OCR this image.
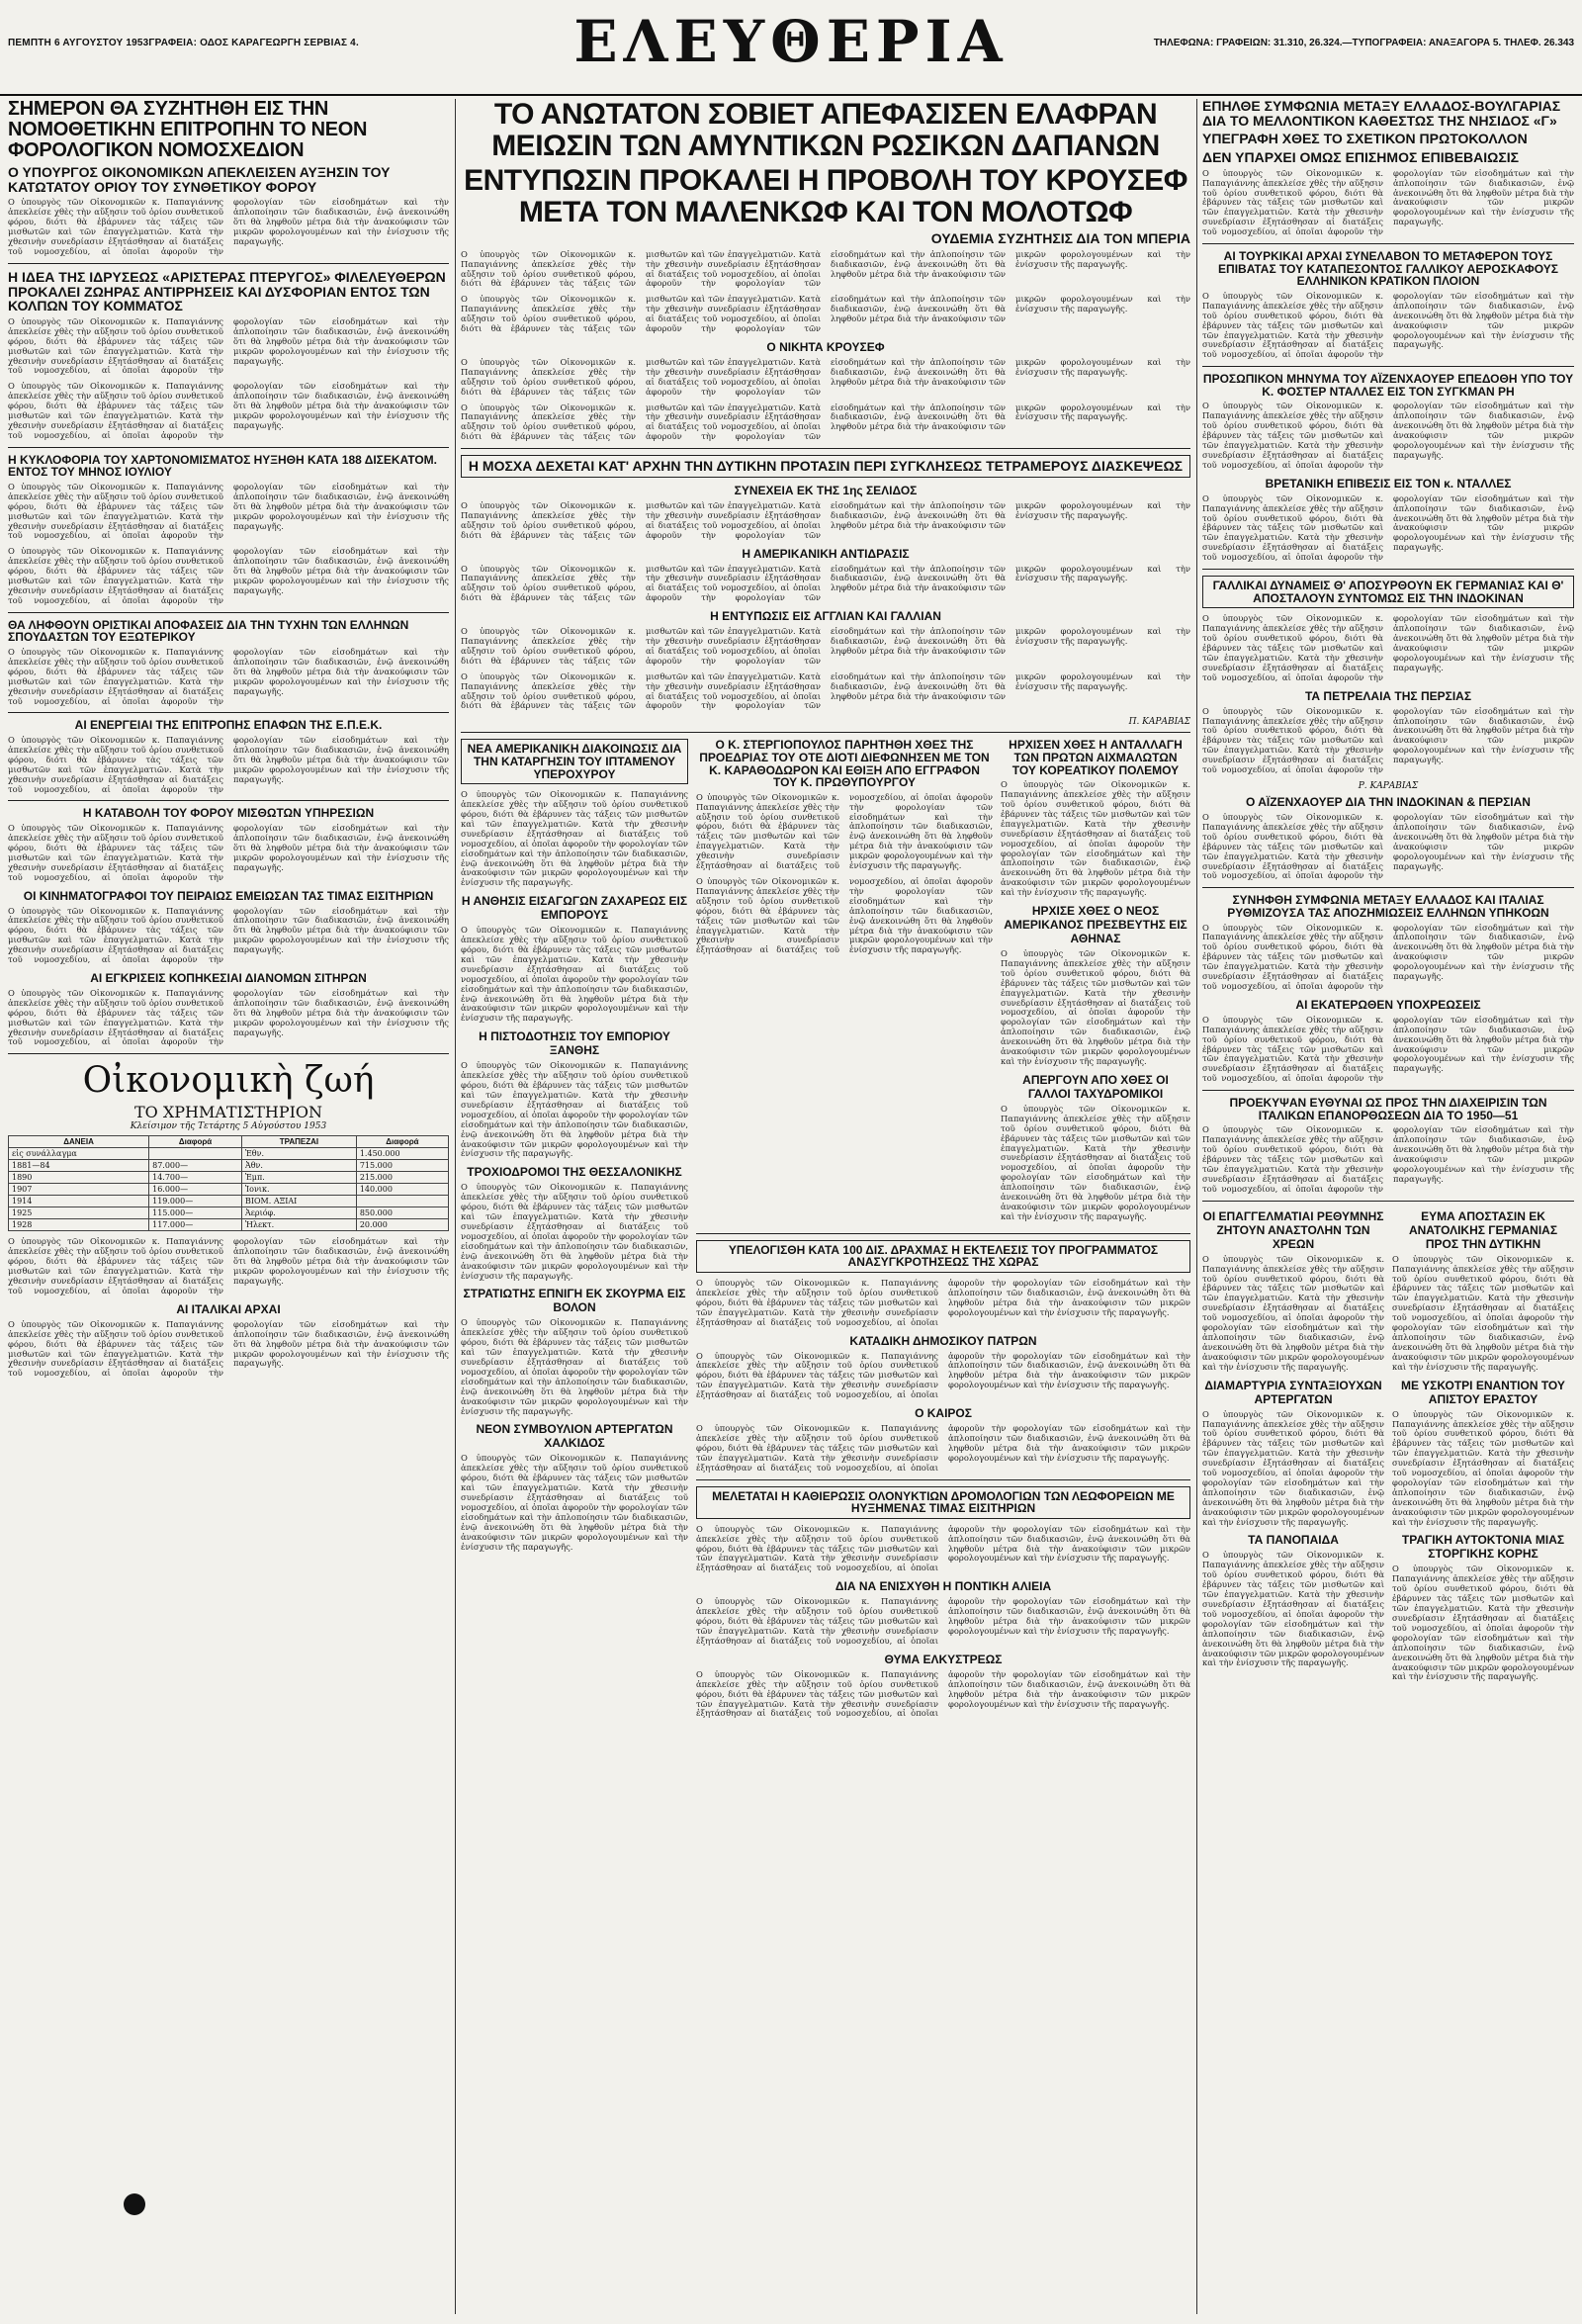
ΠΕΜΠΤΗ 6 ΑΥΓΟΥΣΤΟΥ 1953ΓΡΑΦΕΙΑ: ΟΔΟΣ ΚΑΡΑΓΕΩΡΓΗ ΣΕΡΒΙΑΣ 4.	ΕΛΕΥΘΕΡΙΑ	ΤΗΛΕΦΩΝΑ: ΓΡΑΦΕΙΩΝ: 31.310, 26.324.—ΤΥΠΟΓΡΑΦΕΙΑ: ΑΝΑΞΑΓΟΡΑ 5. ΤΗΛΕΦ. 26.343
ΣΗΜΕΡΟΝ ΘΑ ΣΥΖΗΤΗΘΗ ΕΙΣ ΤΗΝ ΝΟΜΟΘΕΤΙΚΗΝ ΕΠΙΤΡΟΠΗΝ ΤΟ ΝΕΟΝ ΦΟΡΟΛΟΓΙΚΟΝ ΝΟΜΟΣΧΕΔΙΟΝ
Ο ΥΠΟΥΡΓΟΣ ΟΙΚΟΝΟΜΙΚΩΝ ΑΠΕΚΛΕΙΣΕΝ ΑΥΞΗΣΙΝ ΤΟΥ ΚΑΤΩΤΑΤΟΥ ΟΡΙΟΥ ΤΟΥ ΣΥΝΘΕΤΙΚΟΥ ΦΟΡΟΥ
Ο ὑπουργὸς τῶν Οἰκονομικῶν κ. Παπαγιάννης ἀπεκλείσε χθὲς τὴν αὔξησιν τοῦ ὀρίου συνθετικοῦ φόρου, διότι θὰ ἐβάρυνεν τὰς τάξεις τῶν μισθωτῶν καὶ τῶν ἐπαγγελματιῶν. Κατὰ τὴν χθεσινὴν συνεδρίασιν ἐξητάσθησαν αἱ διατάξεις τοῦ νομοσχεδίου, αἱ ὁποῖαι ἀφοροῦν τὴν φορολογίαν τῶν εἰσοδημάτων καὶ τὴν ἀπλοποίησιν τῶν διαδικασιῶν, ἐνῷ ἀνεκοινώθη ὅτι θὰ ληφθοῦν μέτρα διὰ τὴν ἀνακούφισιν τῶν μικρῶν φορολογουμένων καὶ τὴν ἐνίσχυσιν τῆς παραγωγῆς.
Η ΙΔΕΑ ΤΗΣ ΙΔΡΥΣΕΩΣ «ΑΡΙΣΤΕΡΑΣ ΠΤΕΡΥΓΟΣ» ΦΙΛΕΛΕΥΘΕΡΩΝ ΠΡΟΚΑΛΕΙ ΖΩΗΡΑΣ ΑΝΤΙΡΡΗΣΕΙΣ ΚΑΙ ΔΥΣΦΟΡΙΑΝ ΕΝΤΟΣ ΤΩΝ ΚΟΛΠΩΝ ΤΟΥ ΚΟΜΜΑΤΟΣ
Ο ὑπουργὸς τῶν Οἰκονομικῶν κ. Παπαγιάννης ἀπεκλείσε χθὲς τὴν αὔξησιν τοῦ ὀρίου συνθετικοῦ φόρου, διότι θὰ ἐβάρυνεν τὰς τάξεις τῶν μισθωτῶν καὶ τῶν ἐπαγγελματιῶν. Κατὰ τὴν χθεσινὴν συνεδρίασιν ἐξητάσθησαν αἱ διατάξεις τοῦ νομοσχεδίου, αἱ ὁποῖαι ἀφοροῦν τὴν φορολογίαν τῶν εἰσοδημάτων καὶ τὴν ἀπλοποίησιν τῶν διαδικασιῶν, ἐνῷ ἀνεκοινώθη ὅτι θὰ ληφθοῦν μέτρα διὰ τὴν ἀνακούφισιν τῶν μικρῶν φορολογουμένων καὶ τὴν ἐνίσχυσιν τῆς παραγωγῆς.
Ο ὑπουργὸς τῶν Οἰκονομικῶν κ. Παπαγιάννης ἀπεκλείσε χθὲς τὴν αὔξησιν τοῦ ὀρίου συνθετικοῦ φόρου, διότι θὰ ἐβάρυνεν τὰς τάξεις τῶν μισθωτῶν καὶ τῶν ἐπαγγελματιῶν. Κατὰ τὴν χθεσινὴν συνεδρίασιν ἐξητάσθησαν αἱ διατάξεις τοῦ νομοσχεδίου, αἱ ὁποῖαι ἀφοροῦν τὴν φορολογίαν τῶν εἰσοδημάτων καὶ τὴν ἀπλοποίησιν τῶν διαδικασιῶν, ἐνῷ ἀνεκοινώθη ὅτι θὰ ληφθοῦν μέτρα διὰ τὴν ἀνακούφισιν τῶν μικρῶν φορολογουμένων καὶ τὴν ἐνίσχυσιν τῆς παραγωγῆς.
Η ΚΥΚΛΟΦΟΡΙΑ ΤΟΥ ΧΑΡΤΟΝΟΜΙΣΜΑΤΟΣ ΗΥΞΗΘΗ ΚΑΤΑ 188 ΔΙΣΕΚΑΤΟΜ. ΕΝΤΟΣ ΤΟΥ ΜΗΝΟΣ ΙΟΥΛΙΟΥ
Ο ὑπουργὸς τῶν Οἰκονομικῶν κ. Παπαγιάννης ἀπεκλείσε χθὲς τὴν αὔξησιν τοῦ ὀρίου συνθετικοῦ φόρου, διότι θὰ ἐβάρυνεν τὰς τάξεις τῶν μισθωτῶν καὶ τῶν ἐπαγγελματιῶν. Κατὰ τὴν χθεσινὴν συνεδρίασιν ἐξητάσθησαν αἱ διατάξεις τοῦ νομοσχεδίου, αἱ ὁποῖαι ἀφοροῦν τὴν φορολογίαν τῶν εἰσοδημάτων καὶ τὴν ἀπλοποίησιν τῶν διαδικασιῶν, ἐνῷ ἀνεκοινώθη ὅτι θὰ ληφθοῦν μέτρα διὰ τὴν ἀνακούφισιν τῶν μικρῶν φορολογουμένων καὶ τὴν ἐνίσχυσιν τῆς παραγωγῆς.
Ο ὑπουργὸς τῶν Οἰκονομικῶν κ. Παπαγιάννης ἀπεκλείσε χθὲς τὴν αὔξησιν τοῦ ὀρίου συνθετικοῦ φόρου, διότι θὰ ἐβάρυνεν τὰς τάξεις τῶν μισθωτῶν καὶ τῶν ἐπαγγελματιῶν. Κατὰ τὴν χθεσινὴν συνεδρίασιν ἐξητάσθησαν αἱ διατάξεις τοῦ νομοσχεδίου, αἱ ὁποῖαι ἀφοροῦν τὴν φορολογίαν τῶν εἰσοδημάτων καὶ τὴν ἀπλοποίησιν τῶν διαδικασιῶν, ἐνῷ ἀνεκοινώθη ὅτι θὰ ληφθοῦν μέτρα διὰ τὴν ἀνακούφισιν τῶν μικρῶν φορολογουμένων καὶ τὴν ἐνίσχυσιν τῆς παραγωγῆς.
ΘΑ ΛΗΦΘΟΥΝ ΟΡΙΣΤΙΚΑΙ ΑΠΟΦΑΣΕΙΣ ΔΙΑ ΤΗΝ ΤΥΧΗΝ ΤΩΝ ΕΛΛΗΝΩΝ ΣΠΟΥΔΑΣΤΩΝ ΤΟΥ ΕΞΩΤΕΡΙΚΟΥ
Ο ὑπουργὸς τῶν Οἰκονομικῶν κ. Παπαγιάννης ἀπεκλείσε χθὲς τὴν αὔξησιν τοῦ ὀρίου συνθετικοῦ φόρου, διότι θὰ ἐβάρυνεν τὰς τάξεις τῶν μισθωτῶν καὶ τῶν ἐπαγγελματιῶν. Κατὰ τὴν χθεσινὴν συνεδρίασιν ἐξητάσθησαν αἱ διατάξεις τοῦ νομοσχεδίου, αἱ ὁποῖαι ἀφοροῦν τὴν φορολογίαν τῶν εἰσοδημάτων καὶ τὴν ἀπλοποίησιν τῶν διαδικασιῶν, ἐνῷ ἀνεκοινώθη ὅτι θὰ ληφθοῦν μέτρα διὰ τὴν ἀνακούφισιν τῶν μικρῶν φορολογουμένων καὶ τὴν ἐνίσχυσιν τῆς παραγωγῆς.
ΑΙ ΕΝΕΡΓΕΙΑΙ ΤΗΣ ΕΠΙΤΡΟΠΗΣ ΕΠΑΦΩΝ ΤΗΣ Ε.Π.Ε.Κ.
Ο ὑπουργὸς τῶν Οἰκονομικῶν κ. Παπαγιάννης ἀπεκλείσε χθὲς τὴν αὔξησιν τοῦ ὀρίου συνθετικοῦ φόρου, διότι θὰ ἐβάρυνεν τὰς τάξεις τῶν μισθωτῶν καὶ τῶν ἐπαγγελματιῶν. Κατὰ τὴν χθεσινὴν συνεδρίασιν ἐξητάσθησαν αἱ διατάξεις τοῦ νομοσχεδίου, αἱ ὁποῖαι ἀφοροῦν τὴν φορολογίαν τῶν εἰσοδημάτων καὶ τὴν ἀπλοποίησιν τῶν διαδικασιῶν, ἐνῷ ἀνεκοινώθη ὅτι θὰ ληφθοῦν μέτρα διὰ τὴν ἀνακούφισιν τῶν μικρῶν φορολογουμένων καὶ τὴν ἐνίσχυσιν τῆς παραγωγῆς.
Η ΚΑΤΑΒΟΛΗ ΤΟΥ ΦΟΡΟΥ ΜΙΣΘΩΤΩΝ ΥΠΗΡΕΣΙΩΝ
Ο ὑπουργὸς τῶν Οἰκονομικῶν κ. Παπαγιάννης ἀπεκλείσε χθὲς τὴν αὔξησιν τοῦ ὀρίου συνθετικοῦ φόρου, διότι θὰ ἐβάρυνεν τὰς τάξεις τῶν μισθωτῶν καὶ τῶν ἐπαγγελματιῶν. Κατὰ τὴν χθεσινὴν συνεδρίασιν ἐξητάσθησαν αἱ διατάξεις τοῦ νομοσχεδίου, αἱ ὁποῖαι ἀφοροῦν τὴν φορολογίαν τῶν εἰσοδημάτων καὶ τὴν ἀπλοποίησιν τῶν διαδικασιῶν, ἐνῷ ἀνεκοινώθη ὅτι θὰ ληφθοῦν μέτρα διὰ τὴν ἀνακούφισιν τῶν μικρῶν φορολογουμένων καὶ τὴν ἐνίσχυσιν τῆς παραγωγῆς.
ΟΙ ΚΙΝΗΜΑΤΟΓΡΑΦΟΙ ΤΟΥ ΠΕΙΡΑΙΩΣ ΕΜΕΙΩΣΑΝ ΤΑΣ ΤΙΜΑΣ ΕΙΣΙΤΗΡΙΩΝ
Ο ὑπουργὸς τῶν Οἰκονομικῶν κ. Παπαγιάννης ἀπεκλείσε χθὲς τὴν αὔξησιν τοῦ ὀρίου συνθετικοῦ φόρου, διότι θὰ ἐβάρυνεν τὰς τάξεις τῶν μισθωτῶν καὶ τῶν ἐπαγγελματιῶν. Κατὰ τὴν χθεσινὴν συνεδρίασιν ἐξητάσθησαν αἱ διατάξεις τοῦ νομοσχεδίου, αἱ ὁποῖαι ἀφοροῦν τὴν φορολογίαν τῶν εἰσοδημάτων καὶ τὴν ἀπλοποίησιν τῶν διαδικασιῶν, ἐνῷ ἀνεκοινώθη ὅτι θὰ ληφθοῦν μέτρα διὰ τὴν ἀνακούφισιν τῶν μικρῶν φορολογουμένων καὶ τὴν ἐνίσχυσιν τῆς παραγωγῆς.
ΑΙ ΕΓΚΡΙΣΕΙΣ ΚΟΠΗΚΕΣΙΑΙ ΔΙΑΝΟΜΩΝ ΣΙΤΗΡΩΝ
Ο ὑπουργὸς τῶν Οἰκονομικῶν κ. Παπαγιάννης ἀπεκλείσε χθὲς τὴν αὔξησιν τοῦ ὀρίου συνθετικοῦ φόρου, διότι θὰ ἐβάρυνεν τὰς τάξεις τῶν μισθωτῶν καὶ τῶν ἐπαγγελματιῶν. Κατὰ τὴν χθεσινὴν συνεδρίασιν ἐξητάσθησαν αἱ διατάξεις τοῦ νομοσχεδίου, αἱ ὁποῖαι ἀφοροῦν τὴν φορολογίαν τῶν εἰσοδημάτων καὶ τὴν ἀπλοποίησιν τῶν διαδικασιῶν, ἐνῷ ἀνεκοινώθη ὅτι θὰ ληφθοῦν μέτρα διὰ τὴν ἀνακούφισιν τῶν μικρῶν φορολογουμένων καὶ τὴν ἐνίσχυσιν τῆς παραγωγῆς.
Οἰκονομικὴ ζωή
ΤΟ ΧΡΗΜΑΤΙΣΤΗΡΙΟΝ
Κλείσιμον τῆς Τετάρτης 5 Αὐγούστου 1953
ΔΑΝΕΙΑ	Διαφορά	ΤΡΑΠΕΖΑΙ	Διαφορά
εἰς συνάλλαγμα		Ἐθν.	1.450.000
1881—84	87.000—	Ἀθν.	715.000
1890	14.700—	Ἐμπ.	215.000
1907	16.000—	Ἰονικ.	140.000
1914	119.000—	ΒΙΟΜ. ΑΞΙΑΙ	
1925	115.000—	Ἀεριόφ.	850.000
1928	117.000—	Ἠλεκτ.	20.000
Ο ὑπουργὸς τῶν Οἰκονομικῶν κ. Παπαγιάννης ἀπεκλείσε χθὲς τὴν αὔξησιν τοῦ ὀρίου συνθετικοῦ φόρου, διότι θὰ ἐβάρυνεν τὰς τάξεις τῶν μισθωτῶν καὶ τῶν ἐπαγγελματιῶν. Κατὰ τὴν χθεσινὴν συνεδρίασιν ἐξητάσθησαν αἱ διατάξεις τοῦ νομοσχεδίου, αἱ ὁποῖαι ἀφοροῦν τὴν φορολογίαν τῶν εἰσοδημάτων καὶ τὴν ἀπλοποίησιν τῶν διαδικασιῶν, ἐνῷ ἀνεκοινώθη ὅτι θὰ ληφθοῦν μέτρα διὰ τὴν ἀνακούφισιν τῶν μικρῶν φορολογουμένων καὶ τὴν ἐνίσχυσιν τῆς παραγωγῆς.
ΑΙ ΙΤΑΛΙΚΑΙ ΑΡΧΑΙ
Ο ὑπουργὸς τῶν Οἰκονομικῶν κ. Παπαγιάννης ἀπεκλείσε χθὲς τὴν αὔξησιν τοῦ ὀρίου συνθετικοῦ φόρου, διότι θὰ ἐβάρυνεν τὰς τάξεις τῶν μισθωτῶν καὶ τῶν ἐπαγγελματιῶν. Κατὰ τὴν χθεσινὴν συνεδρίασιν ἐξητάσθησαν αἱ διατάξεις τοῦ νομοσχεδίου, αἱ ὁποῖαι ἀφοροῦν τὴν φορολογίαν τῶν εἰσοδημάτων καὶ τὴν ἀπλοποίησιν τῶν διαδικασιῶν, ἐνῷ ἀνεκοινώθη ὅτι θὰ ληφθοῦν μέτρα διὰ τὴν ἀνακούφισιν τῶν μικρῶν φορολογουμένων καὶ τὴν ἐνίσχυσιν τῆς παραγωγῆς.
ΤΟ ΑΝΩΤΑΤΟΝ ΣΟΒΙΕΤ ΑΠΕΦΑΣΙΣΕΝ ΕΛΑΦΡΑΝ ΜΕΙΩΣΙΝ ΤΩΝ ΑΜΥΝΤΙΚΩΝ ΡΩΣΙΚΩΝ ΔΑΠΑΝΩΝ
ΕΝΤΥΠΩΣΙΝ ΠΡΟΚΑΛΕΙ Η ΠΡΟΒΟΛΗ ΤΟΥ ΚΡΟΥΣΕΦ ΜΕΤΑ ΤΟΝ ΜΑΛΕΝΚΩΦ ΚΑΙ ΤΟΝ ΜΟΛΟΤΩΦ
ΟΥΔΕΜΙΑ ΣΥΖΗΤΗΣΙΣ ΔΙΑ ΤΟΝ ΜΠΕΡΙΑ
Ο ὑπουργὸς τῶν Οἰκονομικῶν κ. Παπαγιάννης ἀπεκλείσε χθὲς τὴν αὔξησιν τοῦ ὀρίου συνθετικοῦ φόρου, διότι θὰ ἐβάρυνεν τὰς τάξεις τῶν μισθωτῶν καὶ τῶν ἐπαγγελματιῶν. Κατὰ τὴν χθεσινὴν συνεδρίασιν ἐξητάσθησαν αἱ διατάξεις τοῦ νομοσχεδίου, αἱ ὁποῖαι ἀφοροῦν τὴν φορολογίαν τῶν εἰσοδημάτων καὶ τὴν ἀπλοποίησιν τῶν διαδικασιῶν, ἐνῷ ἀνεκοινώθη ὅτι θὰ ληφθοῦν μέτρα διὰ τὴν ἀνακούφισιν τῶν μικρῶν φορολογουμένων καὶ τὴν ἐνίσχυσιν τῆς παραγωγῆς.
Ο ὑπουργὸς τῶν Οἰκονομικῶν κ. Παπαγιάννης ἀπεκλείσε χθὲς τὴν αὔξησιν τοῦ ὀρίου συνθετικοῦ φόρου, διότι θὰ ἐβάρυνεν τὰς τάξεις τῶν μισθωτῶν καὶ τῶν ἐπαγγελματιῶν. Κατὰ τὴν χθεσινὴν συνεδρίασιν ἐξητάσθησαν αἱ διατάξεις τοῦ νομοσχεδίου, αἱ ὁποῖαι ἀφοροῦν τὴν φορολογίαν τῶν εἰσοδημάτων καὶ τὴν ἀπλοποίησιν τῶν διαδικασιῶν, ἐνῷ ἀνεκοινώθη ὅτι θὰ ληφθοῦν μέτρα διὰ τὴν ἀνακούφισιν τῶν μικρῶν φορολογουμένων καὶ τὴν ἐνίσχυσιν τῆς παραγωγῆς.
Ο ΝΙΚΗΤΑ ΚΡΟΥΣΕΦ
Ο ὑπουργὸς τῶν Οἰκονομικῶν κ. Παπαγιάννης ἀπεκλείσε χθὲς τὴν αὔξησιν τοῦ ὀρίου συνθετικοῦ φόρου, διότι θὰ ἐβάρυνεν τὰς τάξεις τῶν μισθωτῶν καὶ τῶν ἐπαγγελματιῶν. Κατὰ τὴν χθεσινὴν συνεδρίασιν ἐξητάσθησαν αἱ διατάξεις τοῦ νομοσχεδίου, αἱ ὁποῖαι ἀφοροῦν τὴν φορολογίαν τῶν εἰσοδημάτων καὶ τὴν ἀπλοποίησιν τῶν διαδικασιῶν, ἐνῷ ἀνεκοινώθη ὅτι θὰ ληφθοῦν μέτρα διὰ τὴν ἀνακούφισιν τῶν μικρῶν φορολογουμένων καὶ τὴν ἐνίσχυσιν τῆς παραγωγῆς.
Ο ὑπουργὸς τῶν Οἰκονομικῶν κ. Παπαγιάννης ἀπεκλείσε χθὲς τὴν αὔξησιν τοῦ ὀρίου συνθετικοῦ φόρου, διότι θὰ ἐβάρυνεν τὰς τάξεις τῶν μισθωτῶν καὶ τῶν ἐπαγγελματιῶν. Κατὰ τὴν χθεσινὴν συνεδρίασιν ἐξητάσθησαν αἱ διατάξεις τοῦ νομοσχεδίου, αἱ ὁποῖαι ἀφοροῦν τὴν φορολογίαν τῶν εἰσοδημάτων καὶ τὴν ἀπλοποίησιν τῶν διαδικασιῶν, ἐνῷ ἀνεκοινώθη ὅτι θὰ ληφθοῦν μέτρα διὰ τὴν ἀνακούφισιν τῶν μικρῶν φορολογουμένων καὶ τὴν ἐνίσχυσιν τῆς παραγωγῆς.
Η ΜΟΣΧΑ ΔΕΧΕΤΑΙ ΚΑΤ' ΑΡΧΗΝ ΤΗΝ ΔΥΤΙΚΗΝ ΠΡΟΤΑΣΙΝ ΠΕΡΙ ΣΥΓΚΛΗΣΕΩΣ ΤΕΤΡΑΜΕΡΟΥΣ ΔΙΑΣΚΕΨΕΩΣ
ΣΥΝΕΧΕΙΑ ΕΚ ΤΗΣ 1ης ΣΕΛΙΔΟΣ
Ο ὑπουργὸς τῶν Οἰκονομικῶν κ. Παπαγιάννης ἀπεκλείσε χθὲς τὴν αὔξησιν τοῦ ὀρίου συνθετικοῦ φόρου, διότι θὰ ἐβάρυνεν τὰς τάξεις τῶν μισθωτῶν καὶ τῶν ἐπαγγελματιῶν. Κατὰ τὴν χθεσινὴν συνεδρίασιν ἐξητάσθησαν αἱ διατάξεις τοῦ νομοσχεδίου, αἱ ὁποῖαι ἀφοροῦν τὴν φορολογίαν τῶν εἰσοδημάτων καὶ τὴν ἀπλοποίησιν τῶν διαδικασιῶν, ἐνῷ ἀνεκοινώθη ὅτι θὰ ληφθοῦν μέτρα διὰ τὴν ἀνακούφισιν τῶν μικρῶν φορολογουμένων καὶ τὴν ἐνίσχυσιν τῆς παραγωγῆς.
Η ΑΜΕΡΙΚΑΝΙΚΗ ΑΝΤΙΔΡΑΣΙΣ
Ο ὑπουργὸς τῶν Οἰκονομικῶν κ. Παπαγιάννης ἀπεκλείσε χθὲς τὴν αὔξησιν τοῦ ὀρίου συνθετικοῦ φόρου, διότι θὰ ἐβάρυνεν τὰς τάξεις τῶν μισθωτῶν καὶ τῶν ἐπαγγελματιῶν. Κατὰ τὴν χθεσινὴν συνεδρίασιν ἐξητάσθησαν αἱ διατάξεις τοῦ νομοσχεδίου, αἱ ὁποῖαι ἀφοροῦν τὴν φορολογίαν τῶν εἰσοδημάτων καὶ τὴν ἀπλοποίησιν τῶν διαδικασιῶν, ἐνῷ ἀνεκοινώθη ὅτι θὰ ληφθοῦν μέτρα διὰ τὴν ἀνακούφισιν τῶν μικρῶν φορολογουμένων καὶ τὴν ἐνίσχυσιν τῆς παραγωγῆς.
Η ΕΝΤΥΠΩΣΙΣ ΕΙΣ ΑΓΓΛΙΑΝ ΚΑΙ ΓΑΛΛΙΑΝ
Ο ὑπουργὸς τῶν Οἰκονομικῶν κ. Παπαγιάννης ἀπεκλείσε χθὲς τὴν αὔξησιν τοῦ ὀρίου συνθετικοῦ φόρου, διότι θὰ ἐβάρυνεν τὰς τάξεις τῶν μισθωτῶν καὶ τῶν ἐπαγγελματιῶν. Κατὰ τὴν χθεσινὴν συνεδρίασιν ἐξητάσθησαν αἱ διατάξεις τοῦ νομοσχεδίου, αἱ ὁποῖαι ἀφοροῦν τὴν φορολογίαν τῶν εἰσοδημάτων καὶ τὴν ἀπλοποίησιν τῶν διαδικασιῶν, ἐνῷ ἀνεκοινώθη ὅτι θὰ ληφθοῦν μέτρα διὰ τὴν ἀνακούφισιν τῶν μικρῶν φορολογουμένων καὶ τὴν ἐνίσχυσιν τῆς παραγωγῆς.
Ο ὑπουργὸς τῶν Οἰκονομικῶν κ. Παπαγιάννης ἀπεκλείσε χθὲς τὴν αὔξησιν τοῦ ὀρίου συνθετικοῦ φόρου, διότι θὰ ἐβάρυνεν τὰς τάξεις τῶν μισθωτῶν καὶ τῶν ἐπαγγελματιῶν. Κατὰ τὴν χθεσινὴν συνεδρίασιν ἐξητάσθησαν αἱ διατάξεις τοῦ νομοσχεδίου, αἱ ὁποῖαι ἀφοροῦν τὴν φορολογίαν τῶν εἰσοδημάτων καὶ τὴν ἀπλοποίησιν τῶν διαδικασιῶν, ἐνῷ ἀνεκοινώθη ὅτι θὰ ληφθοῦν μέτρα διὰ τὴν ἀνακούφισιν τῶν μικρῶν φορολογουμένων καὶ τὴν ἐνίσχυσιν τῆς παραγωγῆς.
Π. ΚΑΡΑΒΙΑΣ
ΝΕΑ ΑΜΕΡΙΚΑΝΙΚΗ ΔΙΑΚΟΙΝΩΣΙΣ ΔΙΑ ΤΗΝ ΚΑΤΑΡΓΗΣΙΝ ΤΟΥ ΙΠΤΑΜΕΝΟΥ ΥΠΕΡΟΧΥΡΟΥ
Ο ὑπουργὸς τῶν Οἰκονομικῶν κ. Παπαγιάννης ἀπεκλείσε χθὲς τὴν αὔξησιν τοῦ ὀρίου συνθετικοῦ φόρου, διότι θὰ ἐβάρυνεν τὰς τάξεις τῶν μισθωτῶν καὶ τῶν ἐπαγγελματιῶν. Κατὰ τὴν χθεσινὴν συνεδρίασιν ἐξητάσθησαν αἱ διατάξεις τοῦ νομοσχεδίου, αἱ ὁποῖαι ἀφοροῦν τὴν φορολογίαν τῶν εἰσοδημάτων καὶ τὴν ἀπλοποίησιν τῶν διαδικασιῶν, ἐνῷ ἀνεκοινώθη ὅτι θὰ ληφθοῦν μέτρα διὰ τὴν ἀνακούφισιν τῶν μικρῶν φορολογουμένων καὶ τὴν ἐνίσχυσιν τῆς παραγωγῆς.
Η ΑΝΘΗΣΙΣ ΕΙΣΑΓΩΓΩΝ ΖΑΧΑΡΕΩΣ ΕΙΣ ΕΜΠΟΡΟΥΣ
Ο ὑπουργὸς τῶν Οἰκονομικῶν κ. Παπαγιάννης ἀπεκλείσε χθὲς τὴν αὔξησιν τοῦ ὀρίου συνθετικοῦ φόρου, διότι θὰ ἐβάρυνεν τὰς τάξεις τῶν μισθωτῶν καὶ τῶν ἐπαγγελματιῶν. Κατὰ τὴν χθεσινὴν συνεδρίασιν ἐξητάσθησαν αἱ διατάξεις τοῦ νομοσχεδίου, αἱ ὁποῖαι ἀφοροῦν τὴν φορολογίαν τῶν εἰσοδημάτων καὶ τὴν ἀπλοποίησιν τῶν διαδικασιῶν, ἐνῷ ἀνεκοινώθη ὅτι θὰ ληφθοῦν μέτρα διὰ τὴν ἀνακούφισιν τῶν μικρῶν φορολογουμένων καὶ τὴν ἐνίσχυσιν τῆς παραγωγῆς.
Η ΠΙΣΤΟΔΟΤΗΣΙΣ ΤΟΥ ΕΜΠΟΡΙΟΥ ΞΑΝΘΗΣ
Ο ὑπουργὸς τῶν Οἰκονομικῶν κ. Παπαγιάννης ἀπεκλείσε χθὲς τὴν αὔξησιν τοῦ ὀρίου συνθετικοῦ φόρου, διότι θὰ ἐβάρυνεν τὰς τάξεις τῶν μισθωτῶν καὶ τῶν ἐπαγγελματιῶν. Κατὰ τὴν χθεσινὴν συνεδρίασιν ἐξητάσθησαν αἱ διατάξεις τοῦ νομοσχεδίου, αἱ ὁποῖαι ἀφοροῦν τὴν φορολογίαν τῶν εἰσοδημάτων καὶ τὴν ἀπλοποίησιν τῶν διαδικασιῶν, ἐνῷ ἀνεκοινώθη ὅτι θὰ ληφθοῦν μέτρα διὰ τὴν ἀνακούφισιν τῶν μικρῶν φορολογουμένων καὶ τὴν ἐνίσχυσιν τῆς παραγωγῆς.
ΤΡΟΧΙΟΔΡΟΜΟΙ ΤΗΣ ΘΕΣΣΑΛΟΝΙΚΗΣ
Ο ὑπουργὸς τῶν Οἰκονομικῶν κ. Παπαγιάννης ἀπεκλείσε χθὲς τὴν αὔξησιν τοῦ ὀρίου συνθετικοῦ φόρου, διότι θὰ ἐβάρυνεν τὰς τάξεις τῶν μισθωτῶν καὶ τῶν ἐπαγγελματιῶν. Κατὰ τὴν χθεσινὴν συνεδρίασιν ἐξητάσθησαν αἱ διατάξεις τοῦ νομοσχεδίου, αἱ ὁποῖαι ἀφοροῦν τὴν φορολογίαν τῶν εἰσοδημάτων καὶ τὴν ἀπλοποίησιν τῶν διαδικασιῶν, ἐνῷ ἀνεκοινώθη ὅτι θὰ ληφθοῦν μέτρα διὰ τὴν ἀνακούφισιν τῶν μικρῶν φορολογουμένων καὶ τὴν ἐνίσχυσιν τῆς παραγωγῆς.
ΣΤΡΑΤΙΩΤΗΣ ΕΠΝΙΓΗ ΕΚ ΣΚΟΥΡΜΑ ΕΙΣ ΒΟΛΟΝ
Ο ὑπουργὸς τῶν Οἰκονομικῶν κ. Παπαγιάννης ἀπεκλείσε χθὲς τὴν αὔξησιν τοῦ ὀρίου συνθετικοῦ φόρου, διότι θὰ ἐβάρυνεν τὰς τάξεις τῶν μισθωτῶν καὶ τῶν ἐπαγγελματιῶν. Κατὰ τὴν χθεσινὴν συνεδρίασιν ἐξητάσθησαν αἱ διατάξεις τοῦ νομοσχεδίου, αἱ ὁποῖαι ἀφοροῦν τὴν φορολογίαν τῶν εἰσοδημάτων καὶ τὴν ἀπλοποίησιν τῶν διαδικασιῶν, ἐνῷ ἀνεκοινώθη ὅτι θὰ ληφθοῦν μέτρα διὰ τὴν ἀνακούφισιν τῶν μικρῶν φορολογουμένων καὶ τὴν ἐνίσχυσιν τῆς παραγωγῆς.
ΝΕΟΝ ΣΥΜΒΟΥΛΙΟΝ ΑΡΤΕΡΓΑΤΩΝ ΧΑΛΚΙΔΟΣ
Ο ὑπουργὸς τῶν Οἰκονομικῶν κ. Παπαγιάννης ἀπεκλείσε χθὲς τὴν αὔξησιν τοῦ ὀρίου συνθετικοῦ φόρου, διότι θὰ ἐβάρυνεν τὰς τάξεις τῶν μισθωτῶν καὶ τῶν ἐπαγγελματιῶν. Κατὰ τὴν χθεσινὴν συνεδρίασιν ἐξητάσθησαν αἱ διατάξεις τοῦ νομοσχεδίου, αἱ ὁποῖαι ἀφοροῦν τὴν φορολογίαν τῶν εἰσοδημάτων καὶ τὴν ἀπλοποίησιν τῶν διαδικασιῶν, ἐνῷ ἀνεκοινώθη ὅτι θὰ ληφθοῦν μέτρα διὰ τὴν ἀνακούφισιν τῶν μικρῶν φορολογουμένων καὶ τὴν ἐνίσχυσιν τῆς παραγωγῆς.
Ο Κ. ΣΤΕΡΓΙΟΠΟΥΛΟΣ ΠΑΡΗΤΗΘΗ ΧΘΕΣ ΤΗΣ ΠΡΟΕΔΡΙΑΣ ΤΟΥ ΟΤΕ ΔΙΟΤΙ ΔΙΕΦΩΝΗΣΕΝ ΜΕ ΤΟΝ Κ. ΚΑΡΑΘΟΔΩΡΟΝ ΚΑΙ ΕΘΙΞΗ ΑΠΟ ΕΓΓΡΑΦΟΝ ΤΟΥ Κ. ΠΡΩΘΥΠΟΥΡΓΟΥ
Ο ὑπουργὸς τῶν Οἰκονομικῶν κ. Παπαγιάννης ἀπεκλείσε χθὲς τὴν αὔξησιν τοῦ ὀρίου συνθετικοῦ φόρου, διότι θὰ ἐβάρυνεν τὰς τάξεις τῶν μισθωτῶν καὶ τῶν ἐπαγγελματιῶν. Κατὰ τὴν χθεσινὴν συνεδρίασιν ἐξητάσθησαν αἱ διατάξεις τοῦ νομοσχεδίου, αἱ ὁποῖαι ἀφοροῦν τὴν φορολογίαν τῶν εἰσοδημάτων καὶ τὴν ἀπλοποίησιν τῶν διαδικασιῶν, ἐνῷ ἀνεκοινώθη ὅτι θὰ ληφθοῦν μέτρα διὰ τὴν ἀνακούφισιν τῶν μικρῶν φορολογουμένων καὶ τὴν ἐνίσχυσιν τῆς παραγωγῆς.
Ο ὑπουργὸς τῶν Οἰκονομικῶν κ. Παπαγιάννης ἀπεκλείσε χθὲς τὴν αὔξησιν τοῦ ὀρίου συνθετικοῦ φόρου, διότι θὰ ἐβάρυνεν τὰς τάξεις τῶν μισθωτῶν καὶ τῶν ἐπαγγελματιῶν. Κατὰ τὴν χθεσινὴν συνεδρίασιν ἐξητάσθησαν αἱ διατάξεις τοῦ νομοσχεδίου, αἱ ὁποῖαι ἀφοροῦν τὴν φορολογίαν τῶν εἰσοδημάτων καὶ τὴν ἀπλοποίησιν τῶν διαδικασιῶν, ἐνῷ ἀνεκοινώθη ὅτι θὰ ληφθοῦν μέτρα διὰ τὴν ἀνακούφισιν τῶν μικρῶν φορολογουμένων καὶ τὴν ἐνίσχυσιν τῆς παραγωγῆς.
ΗΡΧΙΣΕΝ ΧΘΕΣ Η ΑΝΤΑΛΛΑΓΗ ΤΩΝ ΠΡΩΤΩΝ ΑΙΧΜΑΛΩΤΩΝ ΤΟΥ ΚΟΡΕΑΤΙΚΟΥ ΠΟΛΕΜΟΥ
Ο ὑπουργὸς τῶν Οἰκονομικῶν κ. Παπαγιάννης ἀπεκλείσε χθὲς τὴν αὔξησιν τοῦ ὀρίου συνθετικοῦ φόρου, διότι θὰ ἐβάρυνεν τὰς τάξεις τῶν μισθωτῶν καὶ τῶν ἐπαγγελματιῶν. Κατὰ τὴν χθεσινὴν συνεδρίασιν ἐξητάσθησαν αἱ διατάξεις τοῦ νομοσχεδίου, αἱ ὁποῖαι ἀφοροῦν τὴν φορολογίαν τῶν εἰσοδημάτων καὶ τὴν ἀπλοποίησιν τῶν διαδικασιῶν, ἐνῷ ἀνεκοινώθη ὅτι θὰ ληφθοῦν μέτρα διὰ τὴν ἀνακούφισιν τῶν μικρῶν φορολογουμένων καὶ τὴν ἐνίσχυσιν τῆς παραγωγῆς.
ΗΡΧΙΣΕ ΧΘΕΣ Ο ΝΕΟΣ ΑΜΕΡΙΚΑΝΟΣ ΠΡΕΣΒΕΥΤΗΣ ΕΙΣ ΑΘΗΝΑΣ
Ο ὑπουργὸς τῶν Οἰκονομικῶν κ. Παπαγιάννης ἀπεκλείσε χθὲς τὴν αὔξησιν τοῦ ὀρίου συνθετικοῦ φόρου, διότι θὰ ἐβάρυνεν τὰς τάξεις τῶν μισθωτῶν καὶ τῶν ἐπαγγελματιῶν. Κατὰ τὴν χθεσινὴν συνεδρίασιν ἐξητάσθησαν αἱ διατάξεις τοῦ νομοσχεδίου, αἱ ὁποῖαι ἀφοροῦν τὴν φορολογίαν τῶν εἰσοδημάτων καὶ τὴν ἀπλοποίησιν τῶν διαδικασιῶν, ἐνῷ ἀνεκοινώθη ὅτι θὰ ληφθοῦν μέτρα διὰ τὴν ἀνακούφισιν τῶν μικρῶν φορολογουμένων καὶ τὴν ἐνίσχυσιν τῆς παραγωγῆς.
ΑΠΕΡΓΟΥΝ ΑΠΟ ΧΘΕΣ ΟΙ ΓΑΛΛΟΙ ΤΑΧΥΔΡΟΜΙΚΟΙ
Ο ὑπουργὸς τῶν Οἰκονομικῶν κ. Παπαγιάννης ἀπεκλείσε χθὲς τὴν αὔξησιν τοῦ ὀρίου συνθετικοῦ φόρου, διότι θὰ ἐβάρυνεν τὰς τάξεις τῶν μισθωτῶν καὶ τῶν ἐπαγγελματιῶν. Κατὰ τὴν χθεσινὴν συνεδρίασιν ἐξητάσθησαν αἱ διατάξεις τοῦ νομοσχεδίου, αἱ ὁποῖαι ἀφοροῦν τὴν φορολογίαν τῶν εἰσοδημάτων καὶ τὴν ἀπλοποίησιν τῶν διαδικασιῶν, ἐνῷ ἀνεκοινώθη ὅτι θὰ ληφθοῦν μέτρα διὰ τὴν ἀνακούφισιν τῶν μικρῶν φορολογουμένων καὶ τὴν ἐνίσχυσιν τῆς παραγωγῆς.
ΥΠΕΛΟΓΙΣΘΗ ΚΑΤΑ 100 ΔΙΣ. ΔΡΑΧΜΑΣ Η ΕΚΤΕΛΕΣΙΣ ΤΟΥ ΠΡΟΓΡΑΜΜΑΤΟΣ ΑΝΑΣΥΓΚΡΟΤΗΣΕΩΣ ΤΗΣ ΧΩΡΑΣ
Ο ὑπουργὸς τῶν Οἰκονομικῶν κ. Παπαγιάννης ἀπεκλείσε χθὲς τὴν αὔξησιν τοῦ ὀρίου συνθετικοῦ φόρου, διότι θὰ ἐβάρυνεν τὰς τάξεις τῶν μισθωτῶν καὶ τῶν ἐπαγγελματιῶν. Κατὰ τὴν χθεσινὴν συνεδρίασιν ἐξητάσθησαν αἱ διατάξεις τοῦ νομοσχεδίου, αἱ ὁποῖαι ἀφοροῦν τὴν φορολογίαν τῶν εἰσοδημάτων καὶ τὴν ἀπλοποίησιν τῶν διαδικασιῶν, ἐνῷ ἀνεκοινώθη ὅτι θὰ ληφθοῦν μέτρα διὰ τὴν ἀνακούφισιν τῶν μικρῶν φορολογουμένων καὶ τὴν ἐνίσχυσιν τῆς παραγωγῆς.
ΚΑΤΑΔΙΚΗ ΔΗΜΟΣΙΚΟΥ ΠΑΤΡΩΝ
Ο ὑπουργὸς τῶν Οἰκονομικῶν κ. Παπαγιάννης ἀπεκλείσε χθὲς τὴν αὔξησιν τοῦ ὀρίου συνθετικοῦ φόρου, διότι θὰ ἐβάρυνεν τὰς τάξεις τῶν μισθωτῶν καὶ τῶν ἐπαγγελματιῶν. Κατὰ τὴν χθεσινὴν συνεδρίασιν ἐξητάσθησαν αἱ διατάξεις τοῦ νομοσχεδίου, αἱ ὁποῖαι ἀφοροῦν τὴν φορολογίαν τῶν εἰσοδημάτων καὶ τὴν ἀπλοποίησιν τῶν διαδικασιῶν, ἐνῷ ἀνεκοινώθη ὅτι θὰ ληφθοῦν μέτρα διὰ τὴν ἀνακούφισιν τῶν μικρῶν φορολογουμένων καὶ τὴν ἐνίσχυσιν τῆς παραγωγῆς.
Ο ΚΑΙΡΟΣ
Ο ὑπουργὸς τῶν Οἰκονομικῶν κ. Παπαγιάννης ἀπεκλείσε χθὲς τὴν αὔξησιν τοῦ ὀρίου συνθετικοῦ φόρου, διότι θὰ ἐβάρυνεν τὰς τάξεις τῶν μισθωτῶν καὶ τῶν ἐπαγγελματιῶν. Κατὰ τὴν χθεσινὴν συνεδρίασιν ἐξητάσθησαν αἱ διατάξεις τοῦ νομοσχεδίου, αἱ ὁποῖαι ἀφοροῦν τὴν φορολογίαν τῶν εἰσοδημάτων καὶ τὴν ἀπλοποίησιν τῶν διαδικασιῶν, ἐνῷ ἀνεκοινώθη ὅτι θὰ ληφθοῦν μέτρα διὰ τὴν ἀνακούφισιν τῶν μικρῶν φορολογουμένων καὶ τὴν ἐνίσχυσιν τῆς παραγωγῆς.
ΜΕΛΕΤΑΤΑΙ Η ΚΑΘΙΕΡΩΣΙΣ ΟΛΟΝΥΚΤΙΩΝ ΔΡΟΜΟΛΟΓΙΩΝ ΤΩΝ ΛΕΩΦΟΡΕΙΩΝ ΜΕ ΗΥΞΗΜΕΝΑΣ ΤΙΜΑΣ ΕΙΣΙΤΗΡΙΩΝ
Ο ὑπουργὸς τῶν Οἰκονομικῶν κ. Παπαγιάννης ἀπεκλείσε χθὲς τὴν αὔξησιν τοῦ ὀρίου συνθετικοῦ φόρου, διότι θὰ ἐβάρυνεν τὰς τάξεις τῶν μισθωτῶν καὶ τῶν ἐπαγγελματιῶν. Κατὰ τὴν χθεσινὴν συνεδρίασιν ἐξητάσθησαν αἱ διατάξεις τοῦ νομοσχεδίου, αἱ ὁποῖαι ἀφοροῦν τὴν φορολογίαν τῶν εἰσοδημάτων καὶ τὴν ἀπλοποίησιν τῶν διαδικασιῶν, ἐνῷ ἀνεκοινώθη ὅτι θὰ ληφθοῦν μέτρα διὰ τὴν ἀνακούφισιν τῶν μικρῶν φορολογουμένων καὶ τὴν ἐνίσχυσιν τῆς παραγωγῆς.
ΔΙΑ ΝΑ ΕΝΙΣΧΥΘΗ Η ΠΟΝΤΙΚΗ ΑΛΙΕΙΑ
Ο ὑπουργὸς τῶν Οἰκονομικῶν κ. Παπαγιάννης ἀπεκλείσε χθὲς τὴν αὔξησιν τοῦ ὀρίου συνθετικοῦ φόρου, διότι θὰ ἐβάρυνεν τὰς τάξεις τῶν μισθωτῶν καὶ τῶν ἐπαγγελματιῶν. Κατὰ τὴν χθεσινὴν συνεδρίασιν ἐξητάσθησαν αἱ διατάξεις τοῦ νομοσχεδίου, αἱ ὁποῖαι ἀφοροῦν τὴν φορολογίαν τῶν εἰσοδημάτων καὶ τὴν ἀπλοποίησιν τῶν διαδικασιῶν, ἐνῷ ἀνεκοινώθη ὅτι θὰ ληφθοῦν μέτρα διὰ τὴν ἀνακούφισιν τῶν μικρῶν φορολογουμένων καὶ τὴν ἐνίσχυσιν τῆς παραγωγῆς.
ΘΥΜΑ ΕΛΚΥΣΤΡΕΩΣ
Ο ὑπουργὸς τῶν Οἰκονομικῶν κ. Παπαγιάννης ἀπεκλείσε χθὲς τὴν αὔξησιν τοῦ ὀρίου συνθετικοῦ φόρου, διότι θὰ ἐβάρυνεν τὰς τάξεις τῶν μισθωτῶν καὶ τῶν ἐπαγγελματιῶν. Κατὰ τὴν χθεσινὴν συνεδρίασιν ἐξητάσθησαν αἱ διατάξεις τοῦ νομοσχεδίου, αἱ ὁποῖαι ἀφοροῦν τὴν φορολογίαν τῶν εἰσοδημάτων καὶ τὴν ἀπλοποίησιν τῶν διαδικασιῶν, ἐνῷ ἀνεκοινώθη ὅτι θὰ ληφθοῦν μέτρα διὰ τὴν ἀνακούφισιν τῶν μικρῶν φορολογουμένων καὶ τὴν ἐνίσχυσιν τῆς παραγωγῆς.
ΕΠΗΛΘΕ ΣΥΜΦΩΝΙΑ ΜΕΤΑΞΥ ΕΛΛΑΔΟΣ-ΒΟΥΛΓΑΡΙΑΣ ΔΙΑ ΤΟ ΜΕΛΛΟΝΤΙΚΟΝ ΚΑΘΕΣΤΩΣ ΤΗΣ ΝΗΣΙΔΟΣ «Γ»
ΥΠΕΓΡΑΦΗ ΧΘΕΣ ΤΟ ΣΧΕΤΙΚΟΝ ΠΡΩΤΟΚΟΛΛΟΝ
ΔΕΝ ΥΠΑΡΧΕΙ ΟΜΩΣ ΕΠΙΣΗΜΟΣ ΕΠΙΒΕΒΑΙΩΣΙΣ
Ο ὑπουργὸς τῶν Οἰκονομικῶν κ. Παπαγιάννης ἀπεκλείσε χθὲς τὴν αὔξησιν τοῦ ὀρίου συνθετικοῦ φόρου, διότι θὰ ἐβάρυνεν τὰς τάξεις τῶν μισθωτῶν καὶ τῶν ἐπαγγελματιῶν. Κατὰ τὴν χθεσινὴν συνεδρίασιν ἐξητάσθησαν αἱ διατάξεις τοῦ νομοσχεδίου, αἱ ὁποῖαι ἀφοροῦν τὴν φορολογίαν τῶν εἰσοδημάτων καὶ τὴν ἀπλοποίησιν τῶν διαδικασιῶν, ἐνῷ ἀνεκοινώθη ὅτι θὰ ληφθοῦν μέτρα διὰ τὴν ἀνακούφισιν τῶν μικρῶν φορολογουμένων καὶ τὴν ἐνίσχυσιν τῆς παραγωγῆς.
ΑΙ ΤΟΥΡΚΙΚΑΙ ΑΡΧΑΙ ΣΥΝΕΛΑΒΟΝ ΤΟ ΜΕΤΑΦΕΡΟΝ ΤΟΥΣ ΕΠΙΒΑΤΑΣ ΤΟΥ ΚΑΤΑΠΕΣΟΝΤΟΣ ΓΑΛΛΙΚΟΥ ΑΕΡΟΣΚΑΦΟΥΣ ΕΛΛΗΝΙΚΟΝ ΚΡΑΤΙΚΟΝ ΠΛΟΙΟΝ
Ο ὑπουργὸς τῶν Οἰκονομικῶν κ. Παπαγιάννης ἀπεκλείσε χθὲς τὴν αὔξησιν τοῦ ὀρίου συνθετικοῦ φόρου, διότι θὰ ἐβάρυνεν τὰς τάξεις τῶν μισθωτῶν καὶ τῶν ἐπαγγελματιῶν. Κατὰ τὴν χθεσινὴν συνεδρίασιν ἐξητάσθησαν αἱ διατάξεις τοῦ νομοσχεδίου, αἱ ὁποῖαι ἀφοροῦν τὴν φορολογίαν τῶν εἰσοδημάτων καὶ τὴν ἀπλοποίησιν τῶν διαδικασιῶν, ἐνῷ ἀνεκοινώθη ὅτι θὰ ληφθοῦν μέτρα διὰ τὴν ἀνακούφισιν τῶν μικρῶν φορολογουμένων καὶ τὴν ἐνίσχυσιν τῆς παραγωγῆς.
ΠΡΟΣΩΠΙΚΟΝ ΜΗΝΥΜΑ ΤΟΥ ΑΪΖΕΝΧΑΟΥΕΡ ΕΠΕΔΟΘΗ ΥΠΟ ΤΟΥ Κ. ΦΟΣΤΕΡ ΝΤΑΛΛΕΣ ΕΙΣ ΤΟΝ ΣΥΓΚΜΑΝ ΡΗ
Ο ὑπουργὸς τῶν Οἰκονομικῶν κ. Παπαγιάννης ἀπεκλείσε χθὲς τὴν αὔξησιν τοῦ ὀρίου συνθετικοῦ φόρου, διότι θὰ ἐβάρυνεν τὰς τάξεις τῶν μισθωτῶν καὶ τῶν ἐπαγγελματιῶν. Κατὰ τὴν χθεσινὴν συνεδρίασιν ἐξητάσθησαν αἱ διατάξεις τοῦ νομοσχεδίου, αἱ ὁποῖαι ἀφοροῦν τὴν φορολογίαν τῶν εἰσοδημάτων καὶ τὴν ἀπλοποίησιν τῶν διαδικασιῶν, ἐνῷ ἀνεκοινώθη ὅτι θὰ ληφθοῦν μέτρα διὰ τὴν ἀνακούφισιν τῶν μικρῶν φορολογουμένων καὶ τὴν ἐνίσχυσιν τῆς παραγωγῆς.
ΒΡΕΤΑΝΙΚΗ ΕΠΙΒΕΣΙΣ ΕΙΣ ΤΟΝ κ. ΝΤΑΛΛΕΣ
Ο ὑπουργὸς τῶν Οἰκονομικῶν κ. Παπαγιάννης ἀπεκλείσε χθὲς τὴν αὔξησιν τοῦ ὀρίου συνθετικοῦ φόρου, διότι θὰ ἐβάρυνεν τὰς τάξεις τῶν μισθωτῶν καὶ τῶν ἐπαγγελματιῶν. Κατὰ τὴν χθεσινὴν συνεδρίασιν ἐξητάσθησαν αἱ διατάξεις τοῦ νομοσχεδίου, αἱ ὁποῖαι ἀφοροῦν τὴν φορολογίαν τῶν εἰσοδημάτων καὶ τὴν ἀπλοποίησιν τῶν διαδικασιῶν, ἐνῷ ἀνεκοινώθη ὅτι θὰ ληφθοῦν μέτρα διὰ τὴν ἀνακούφισιν τῶν μικρῶν φορολογουμένων καὶ τὴν ἐνίσχυσιν τῆς παραγωγῆς.
ΓΑΛΛΙΚΑΙ ΔΥΝΑΜΕΙΣ Θ' ΑΠΟΣΥΡΘΟΥΝ ΕΚ ΓΕΡΜΑΝΙΑΣ ΚΑΙ Θ' ΑΠΟΣΤΑΛΟΥΝ ΣΥΝΤΟΜΩΣ ΕΙΣ ΤΗΝ ΙΝΔΟΚΙΝΑΝ
Ο ὑπουργὸς τῶν Οἰκονομικῶν κ. Παπαγιάννης ἀπεκλείσε χθὲς τὴν αὔξησιν τοῦ ὀρίου συνθετικοῦ φόρου, διότι θὰ ἐβάρυνεν τὰς τάξεις τῶν μισθωτῶν καὶ τῶν ἐπαγγελματιῶν. Κατὰ τὴν χθεσινὴν συνεδρίασιν ἐξητάσθησαν αἱ διατάξεις τοῦ νομοσχεδίου, αἱ ὁποῖαι ἀφοροῦν τὴν φορολογίαν τῶν εἰσοδημάτων καὶ τὴν ἀπλοποίησιν τῶν διαδικασιῶν, ἐνῷ ἀνεκοινώθη ὅτι θὰ ληφθοῦν μέτρα διὰ τὴν ἀνακούφισιν τῶν μικρῶν φορολογουμένων καὶ τὴν ἐνίσχυσιν τῆς παραγωγῆς.
ΤΑ ΠΕΤΡΕΛΑΙΑ ΤΗΣ ΠΕΡΣΙΑΣ
Ο ὑπουργὸς τῶν Οἰκονομικῶν κ. Παπαγιάννης ἀπεκλείσε χθὲς τὴν αὔξησιν τοῦ ὀρίου συνθετικοῦ φόρου, διότι θὰ ἐβάρυνεν τὰς τάξεις τῶν μισθωτῶν καὶ τῶν ἐπαγγελματιῶν. Κατὰ τὴν χθεσινὴν συνεδρίασιν ἐξητάσθησαν αἱ διατάξεις τοῦ νομοσχεδίου, αἱ ὁποῖαι ἀφοροῦν τὴν φορολογίαν τῶν εἰσοδημάτων καὶ τὴν ἀπλοποίησιν τῶν διαδικασιῶν, ἐνῷ ἀνεκοινώθη ὅτι θὰ ληφθοῦν μέτρα διὰ τὴν ἀνακούφισιν τῶν μικρῶν φορολογουμένων καὶ τὴν ἐνίσχυσιν τῆς παραγωγῆς.
Ρ. ΚΑΡΑΒΙΑΣ
Ο ΑΪΖΕΝΧΑΟΥΕΡ ΔΙΑ ΤΗΝ ΙΝΔΟΚΙΝΑΝ & ΠΕΡΣΙΑΝ
Ο ὑπουργὸς τῶν Οἰκονομικῶν κ. Παπαγιάννης ἀπεκλείσε χθὲς τὴν αὔξησιν τοῦ ὀρίου συνθετικοῦ φόρου, διότι θὰ ἐβάρυνεν τὰς τάξεις τῶν μισθωτῶν καὶ τῶν ἐπαγγελματιῶν. Κατὰ τὴν χθεσινὴν συνεδρίασιν ἐξητάσθησαν αἱ διατάξεις τοῦ νομοσχεδίου, αἱ ὁποῖαι ἀφοροῦν τὴν φορολογίαν τῶν εἰσοδημάτων καὶ τὴν ἀπλοποίησιν τῶν διαδικασιῶν, ἐνῷ ἀνεκοινώθη ὅτι θὰ ληφθοῦν μέτρα διὰ τὴν ἀνακούφισιν τῶν μικρῶν φορολογουμένων καὶ τὴν ἐνίσχυσιν τῆς παραγωγῆς.
ΣΥΝΗΦΘΗ ΣΥΜΦΩΝΙΑ ΜΕΤΑΞΥ ΕΛΛΑΔΟΣ ΚΑΙ ΙΤΑΛΙΑΣ ΡΥΘΜΙΖΟΥΣΑ ΤΑΣ ΑΠΟΖΗΜΙΩΣΕΙΣ ΕΛΛΗΝΩΝ ΥΠΗΚΟΩΝ
Ο ὑπουργὸς τῶν Οἰκονομικῶν κ. Παπαγιάννης ἀπεκλείσε χθὲς τὴν αὔξησιν τοῦ ὀρίου συνθετικοῦ φόρου, διότι θὰ ἐβάρυνεν τὰς τάξεις τῶν μισθωτῶν καὶ τῶν ἐπαγγελματιῶν. Κατὰ τὴν χθεσινὴν συνεδρίασιν ἐξητάσθησαν αἱ διατάξεις τοῦ νομοσχεδίου, αἱ ὁποῖαι ἀφοροῦν τὴν φορολογίαν τῶν εἰσοδημάτων καὶ τὴν ἀπλοποίησιν τῶν διαδικασιῶν, ἐνῷ ἀνεκοινώθη ὅτι θὰ ληφθοῦν μέτρα διὰ τὴν ἀνακούφισιν τῶν μικρῶν φορολογουμένων καὶ τὴν ἐνίσχυσιν τῆς παραγωγῆς.
ΑΙ ΕΚΑΤΕΡΩΘΕΝ ΥΠΟΧΡΕΩΣΕΙΣ
Ο ὑπουργὸς τῶν Οἰκονομικῶν κ. Παπαγιάννης ἀπεκλείσε χθὲς τὴν αὔξησιν τοῦ ὀρίου συνθετικοῦ φόρου, διότι θὰ ἐβάρυνεν τὰς τάξεις τῶν μισθωτῶν καὶ τῶν ἐπαγγελματιῶν. Κατὰ τὴν χθεσινὴν συνεδρίασιν ἐξητάσθησαν αἱ διατάξεις τοῦ νομοσχεδίου, αἱ ὁποῖαι ἀφοροῦν τὴν φορολογίαν τῶν εἰσοδημάτων καὶ τὴν ἀπλοποίησιν τῶν διαδικασιῶν, ἐνῷ ἀνεκοινώθη ὅτι θὰ ληφθοῦν μέτρα διὰ τὴν ἀνακούφισιν τῶν μικρῶν φορολογουμένων καὶ τὴν ἐνίσχυσιν τῆς παραγωγῆς.
ΠΡΟΕΚΥΨΑΝ ΕΥΘΥΝΑΙ ΩΣ ΠΡΟΣ ΤΗΝ ΔΙΑΧΕΙΡΙΣΙΝ ΤΩΝ ΙΤΑΛΙΚΩΝ ΕΠΑΝΟΡΘΩΣΕΩΝ ΔΙΑ ΤΟ 1950—51
Ο ὑπουργὸς τῶν Οἰκονομικῶν κ. Παπαγιάννης ἀπεκλείσε χθὲς τὴν αὔξησιν τοῦ ὀρίου συνθετικοῦ φόρου, διότι θὰ ἐβάρυνεν τὰς τάξεις τῶν μισθωτῶν καὶ τῶν ἐπαγγελματιῶν. Κατὰ τὴν χθεσινὴν συνεδρίασιν ἐξητάσθησαν αἱ διατάξεις τοῦ νομοσχεδίου, αἱ ὁποῖαι ἀφοροῦν τὴν φορολογίαν τῶν εἰσοδημάτων καὶ τὴν ἀπλοποίησιν τῶν διαδικασιῶν, ἐνῷ ἀνεκοινώθη ὅτι θὰ ληφθοῦν μέτρα διὰ τὴν ἀνακούφισιν τῶν μικρῶν φορολογουμένων καὶ τὴν ἐνίσχυσιν τῆς παραγωγῆς.
ΟΙ ΕΠΑΓΓΕΛΜΑΤΙΑΙ ΡΕΘΥΜΝΗΣ ΖΗΤΟΥΝ ΑΝΑΣΤΟΛΗΝ ΤΩΝ ΧΡΕΩΝ
Ο ὑπουργὸς τῶν Οἰκονομικῶν κ. Παπαγιάννης ἀπεκλείσε χθὲς τὴν αὔξησιν τοῦ ὀρίου συνθετικοῦ φόρου, διότι θὰ ἐβάρυνεν τὰς τάξεις τῶν μισθωτῶν καὶ τῶν ἐπαγγελματιῶν. Κατὰ τὴν χθεσινὴν συνεδρίασιν ἐξητάσθησαν αἱ διατάξεις τοῦ νομοσχεδίου, αἱ ὁποῖαι ἀφοροῦν τὴν φορολογίαν τῶν εἰσοδημάτων καὶ τὴν ἀπλοποίησιν τῶν διαδικασιῶν, ἐνῷ ἀνεκοινώθη ὅτι θὰ ληφθοῦν μέτρα διὰ τὴν ἀνακούφισιν τῶν μικρῶν φορολογουμένων καὶ τὴν ἐνίσχυσιν τῆς παραγωγῆς.
ΔΙΑΜΑΡΤΥΡΙΑ ΣΥΝΤΑΞΙΟΥΧΩΝ ΑΡΤΕΡΓΑΤΩΝ
Ο ὑπουργὸς τῶν Οἰκονομικῶν κ. Παπαγιάννης ἀπεκλείσε χθὲς τὴν αὔξησιν τοῦ ὀρίου συνθετικοῦ φόρου, διότι θὰ ἐβάρυνεν τὰς τάξεις τῶν μισθωτῶν καὶ τῶν ἐπαγγελματιῶν. Κατὰ τὴν χθεσινὴν συνεδρίασιν ἐξητάσθησαν αἱ διατάξεις τοῦ νομοσχεδίου, αἱ ὁποῖαι ἀφοροῦν τὴν φορολογίαν τῶν εἰσοδημάτων καὶ τὴν ἀπλοποίησιν τῶν διαδικασιῶν, ἐνῷ ἀνεκοινώθη ὅτι θὰ ληφθοῦν μέτρα διὰ τὴν ἀνακούφισιν τῶν μικρῶν φορολογουμένων καὶ τὴν ἐνίσχυσιν τῆς παραγωγῆς.
ΤΑ ΠΑΝΟΠΑΙΔΑ
Ο ὑπουργὸς τῶν Οἰκονομικῶν κ. Παπαγιάννης ἀπεκλείσε χθὲς τὴν αὔξησιν τοῦ ὀρίου συνθετικοῦ φόρου, διότι θὰ ἐβάρυνεν τὰς τάξεις τῶν μισθωτῶν καὶ τῶν ἐπαγγελματιῶν. Κατὰ τὴν χθεσινὴν συνεδρίασιν ἐξητάσθησαν αἱ διατάξεις τοῦ νομοσχεδίου, αἱ ὁποῖαι ἀφοροῦν τὴν φορολογίαν τῶν εἰσοδημάτων καὶ τὴν ἀπλοποίησιν τῶν διαδικασιῶν, ἐνῷ ἀνεκοινώθη ὅτι θὰ ληφθοῦν μέτρα διὰ τὴν ἀνακούφισιν τῶν μικρῶν φορολογουμένων καὶ τὴν ἐνίσχυσιν τῆς παραγωγῆς.
ΕΥΜΑ ΑΠΟΣΤΑΣΙΝ ΕΚ ΑΝΑΤΟΛΙΚΗΣ ΓΕΡΜΑΝΙΑΣ ΠΡΟΣ ΤΗΝ ΔΥΤΙΚΗΝ
Ο ὑπουργὸς τῶν Οἰκονομικῶν κ. Παπαγιάννης ἀπεκλείσε χθὲς τὴν αὔξησιν τοῦ ὀρίου συνθετικοῦ φόρου, διότι θὰ ἐβάρυνεν τὰς τάξεις τῶν μισθωτῶν καὶ τῶν ἐπαγγελματιῶν. Κατὰ τὴν χθεσινὴν συνεδρίασιν ἐξητάσθησαν αἱ διατάξεις τοῦ νομοσχεδίου, αἱ ὁποῖαι ἀφοροῦν τὴν φορολογίαν τῶν εἰσοδημάτων καὶ τὴν ἀπλοποίησιν τῶν διαδικασιῶν, ἐνῷ ἀνεκοινώθη ὅτι θὰ ληφθοῦν μέτρα διὰ τὴν ἀνακούφισιν τῶν μικρῶν φορολογουμένων καὶ τὴν ἐνίσχυσιν τῆς παραγωγῆς.
ΜΕ ΥΣΚΟΤΡΙ ΕΝΑΝΤΙΟΝ ΤΟΥ ΑΠΙΣΤΟΥ ΕΡΑΣΤΟΥ
Ο ὑπουργὸς τῶν Οἰκονομικῶν κ. Παπαγιάννης ἀπεκλείσε χθὲς τὴν αὔξησιν τοῦ ὀρίου συνθετικοῦ φόρου, διότι θὰ ἐβάρυνεν τὰς τάξεις τῶν μισθωτῶν καὶ τῶν ἐπαγγελματιῶν. Κατὰ τὴν χθεσινὴν συνεδρίασιν ἐξητάσθησαν αἱ διατάξεις τοῦ νομοσχεδίου, αἱ ὁποῖαι ἀφοροῦν τὴν φορολογίαν τῶν εἰσοδημάτων καὶ τὴν ἀπλοποίησιν τῶν διαδικασιῶν, ἐνῷ ἀνεκοινώθη ὅτι θὰ ληφθοῦν μέτρα διὰ τὴν ἀνακούφισιν τῶν μικρῶν φορολογουμένων καὶ τὴν ἐνίσχυσιν τῆς παραγωγῆς.
ΤΡΑΓΙΚΗ ΑΥΤΟΚΤΟΝΙΑ ΜΙΑΣ ΣΤΟΡΓΙΚΗΣ ΚΟΡΗΣ
Ο ὑπουργὸς τῶν Οἰκονομικῶν κ. Παπαγιάννης ἀπεκλείσε χθὲς τὴν αὔξησιν τοῦ ὀρίου συνθετικοῦ φόρου, διότι θὰ ἐβάρυνεν τὰς τάξεις τῶν μισθωτῶν καὶ τῶν ἐπαγγελματιῶν. Κατὰ τὴν χθεσινὴν συνεδρίασιν ἐξητάσθησαν αἱ διατάξεις τοῦ νομοσχεδίου, αἱ ὁποῖαι ἀφοροῦν τὴν φορολογίαν τῶν εἰσοδημάτων καὶ τὴν ἀπλοποίησιν τῶν διαδικασιῶν, ἐνῷ ἀνεκοινώθη ὅτι θὰ ληφθοῦν μέτρα διὰ τὴν ἀνακούφισιν τῶν μικρῶν φορολογουμένων καὶ τὴν ἐνίσχυσιν τῆς παραγωγῆς.
